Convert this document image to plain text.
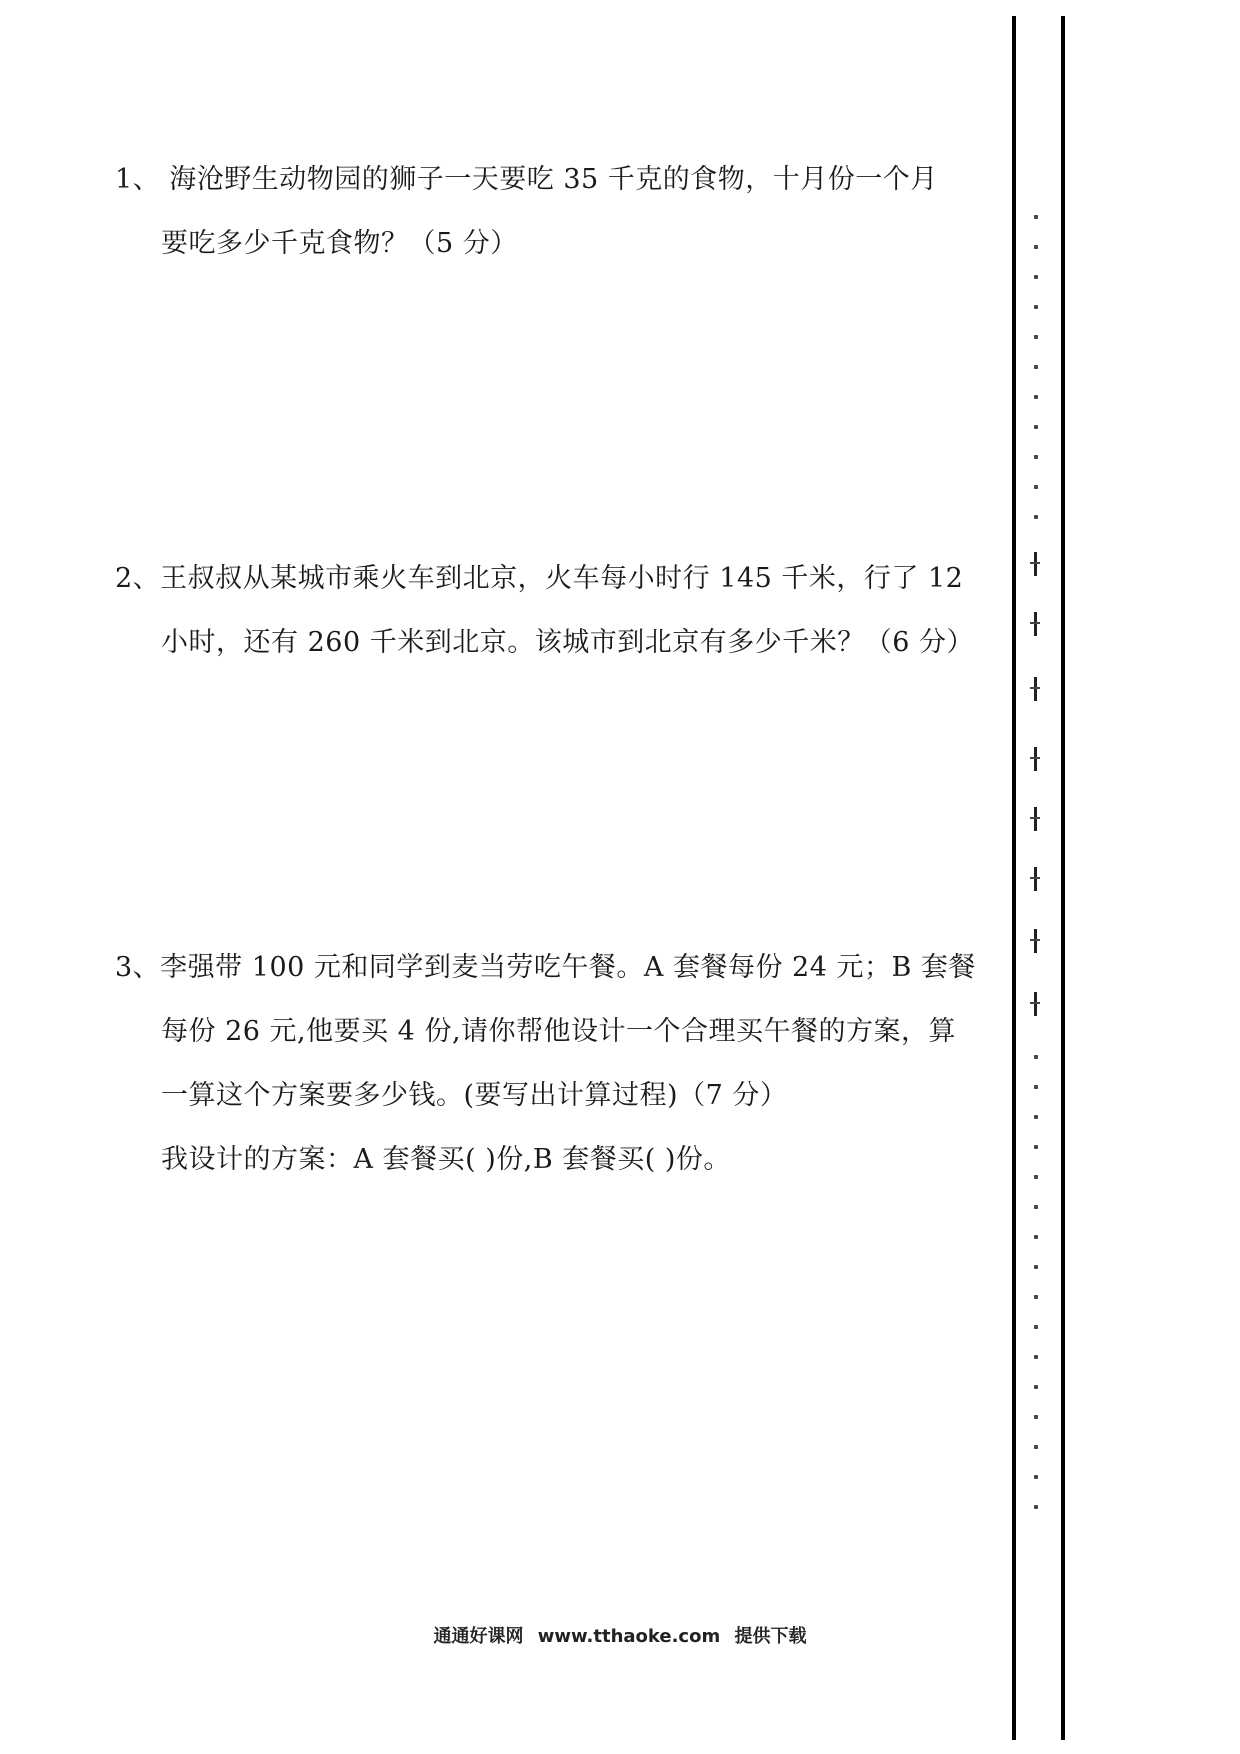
1、 海沧野生动物园的狮子一天要吃 35 千克的食物，十月份一个月
要吃多少千克食物？（5 分）
2、王叔叔从某城市乘火车到北京，火车每小时行 145 千米，行了 12
小时，还有 260 千米到北京。该城市到北京有多少千米？（6 分）
3、李强带 100 元和同学到麦当劳吃午餐。A 套餐每份 24 元；B 套餐
每份 26 元,他要买 4 份,请你帮他设计一个合理买午餐的方案，算
一算这个方案要多少钱。(要写出计算过程)（7 分）
我设计的方案：A 套餐买( )份,B 套餐买( )份。
通通好课网 www.tthaoke.com 提供下载
